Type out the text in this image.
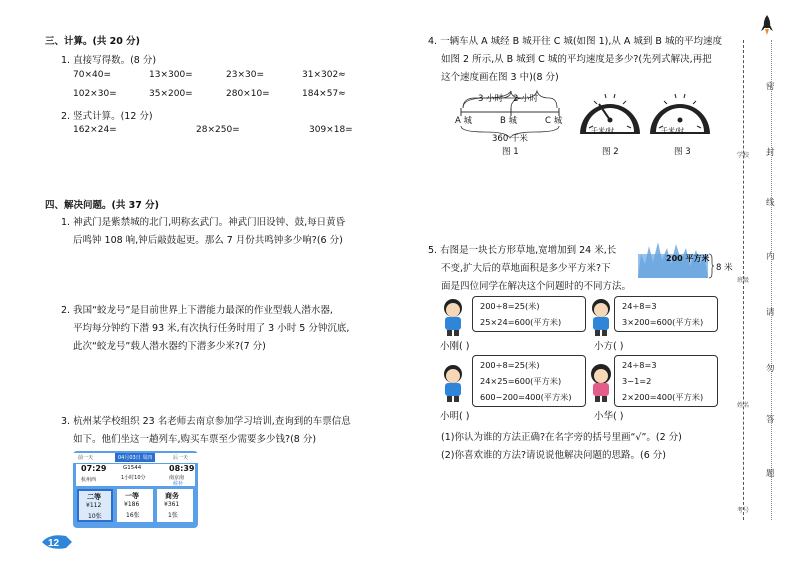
三、计算。(共 20 分)
1. 直接写得数。(8 分)
70×40=	13×300=	23×30=	31×302≈
102×30=	35×200=	280×10=	184×57≈
2. 竖式计算。(12 分)
162×24=	28×250=	309×18=
四、解决问题。(共 37 分)
1. 神武门是紫禁城的北门,明称玄武门。神武门旧设钟、鼓,每日黄昏
后鸣钟 108 响,钟后敲鼓起更。那么 7 月份共鸣钟多少响?(6 分)
2. 我国“蛟龙号”是目前世界上下潜能力最深的作业型载人潜水器,
平均每分钟约下潜 93 米,有次执行任务时用了 3 小时 5 分钟沉底,
此次“蛟龙号”载人潜水器约下潜多少米?(7 分)
3. 杭州某学校组织 23 名老师去南京参加学习培训,查询到的车票信息
如下。他们坐这一趟列车,购买车票至少需要多少钱?(8 分)
前一天	04月03日 周四	后一天
07:29
杭州西
G1544
1小时10分
08:39
南京南
候补
二等
¥112
10张
一等
¥186
16张
商务
¥361
1张
12
4. 一辆车从 A 城经 B 城开往 C 城(如图 1),从 A 城到 B 城的平均速度
如图 2 所示,从 B 城到 C 城的平均速度是多少?(先列式解决,再把
这个速度画在图 3 中)(8 分)
3 小时 2 小时
A 城	B 城	C 城
360 千米
图 1
千米/时
图 2
千米/时
图 3
5. 右图是一块长方形草地,宽增加到 24 米,长
不变,扩大后的草地面积是多少平方米?下
面是四位同学在解决这个问题时的不同方法。
200 平方米
8 米
200÷8=25(米)
25×24=600(平方米)
小刚( )
24÷8=3
3×200=600(平方米)
小方( )
200÷8=25(米)
24×25=600(平方米)
600−200=400(平方米)
小明( )
24÷8=3
3−1=2
2×200=400(平方米)
小华( )
(1)你认为谁的方法正确?在名字旁的括号里画“√”。(2 分)
(2)你喜欢谁的方法?请说说他解决问题的思路。(6 分)
密
封
线
内
请
勿
答
题
学校
班级
姓名
考号
